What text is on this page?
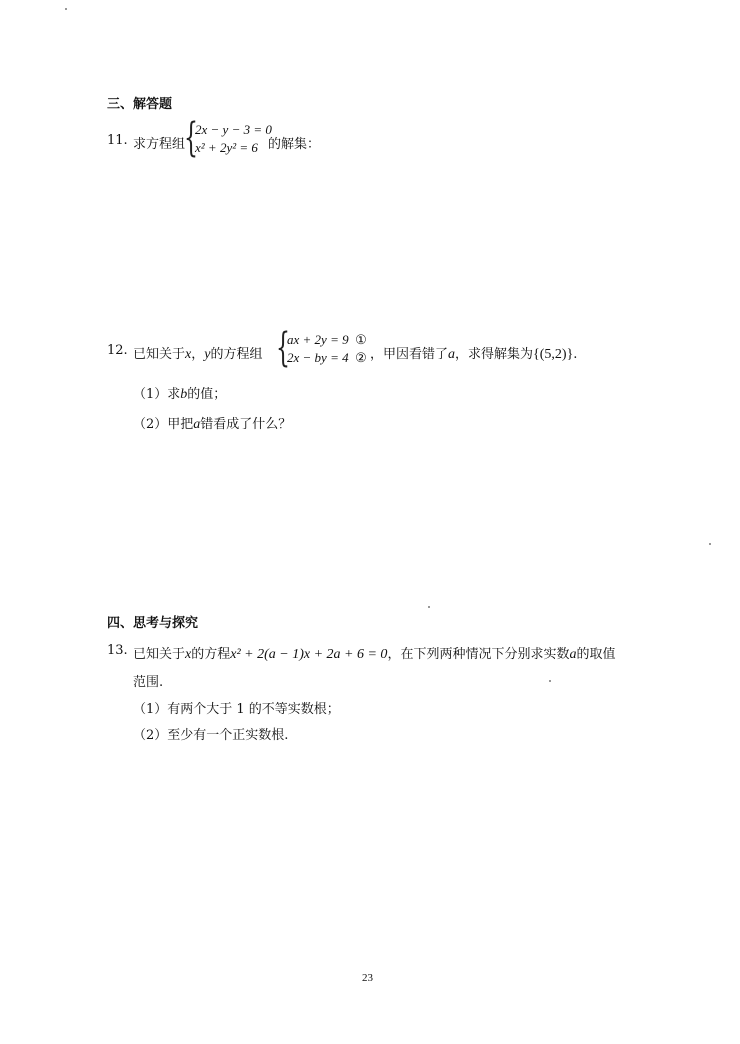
三、解答题
11. 求方程组
{
2x − y − 3 = 0
x² + 2y² = 6 的解集：
12. 已知关于x，y的方程组 {
ax + 2y = 9 ①
2x − by = 4 ② ，甲因看错了a，求得解集为{(5,2)}.
（1）求b的值；
（2）甲把a错看成了什么？
四、思考与探究
13. 已知关于x的方程x² + 2(a − 1)x + 2a + 6 = 0，在下列两种情况下分别求实数a的取值
范围.
（1）有两个大于 1 的不等实数根；
（2）至少有一个正实数根.
23
